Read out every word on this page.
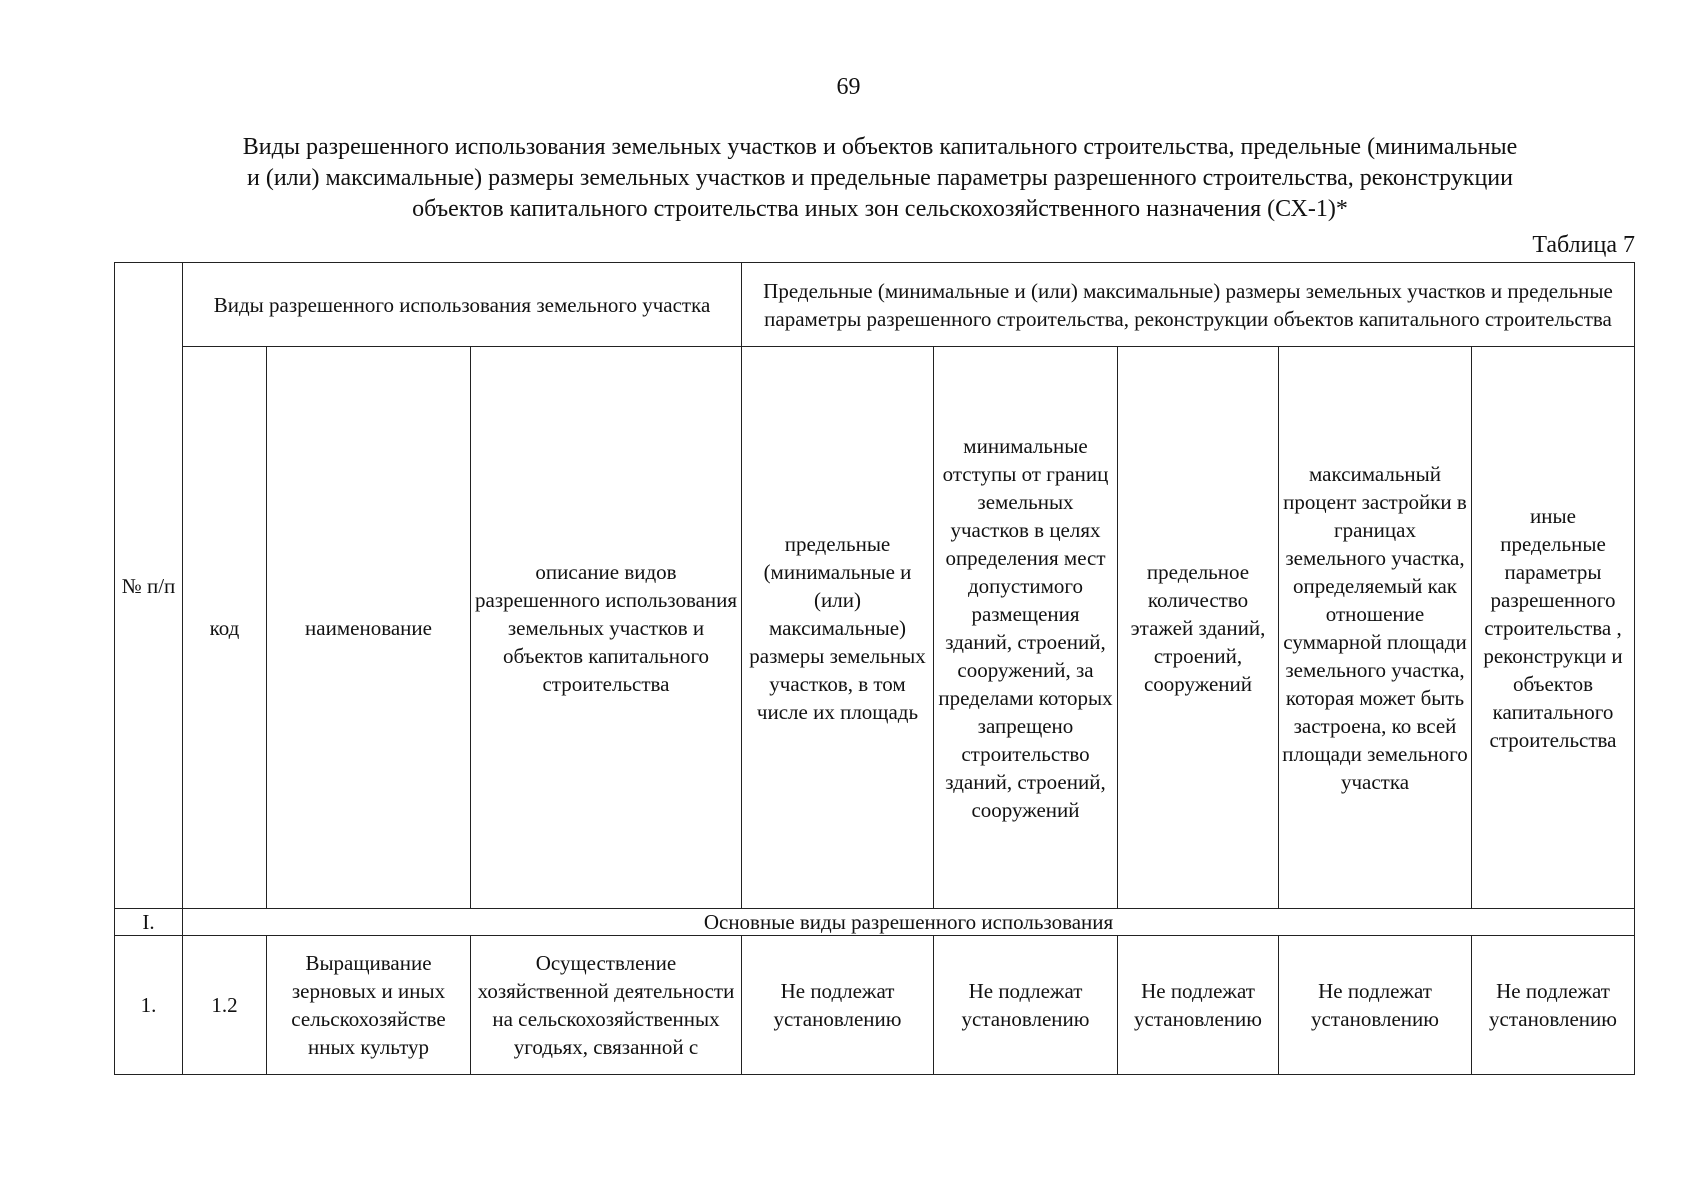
69
Виды разрешенного использования земельных участков и объектов капитального строительства, предельные (минимальные
и (или) максимальные) размеры земельных участков и предельные параметры разрешенного строительства, реконструкции
объектов капитального строительства иных зон сельскохозяйственного назначения (СХ-1)*
Таблица 7
№ п/п	Виды разрешенного использования земельного участка			Предельные (минимальные и (или) максимальные) размеры земельных участков и предельные параметры разрешенного строительства, реконструкции объектов капитального строительства				
	код	наименование	описание видов разрешенного использования земельных участков и объектов капитального строительства	предельные (минимальные и (или) максимальные) размеры земельных участков, в том числе их площадь	минимальные отступы от границ земельных участков в целях определения мест допустимого размещения зданий, строений, сооружений, за пределами которых запрещено строительство зданий, строений, сооружений	предельное количество этажей зданий, строений, сооружений	максимальный процент застройки в границах земельного участка, определяемый как отношение суммарной площади земельного участка, которая может быть застроена, ко всей площади земельного участка	иные предельные параметры разрешенного строительства , реконструкци и объектов капитального строительства
I.	Основные виды разрешенного использования							
1.	1.2	Выращивание зерновых и иных сельскохозяйстве нных культур	Осуществление хозяйственной деятельности на сельскохозяйственных угодьях, связанной с	Не подлежат установлению	Не подлежат установлению	Не подлежат установлению	Не подлежат установлению	Не подлежат установлению
